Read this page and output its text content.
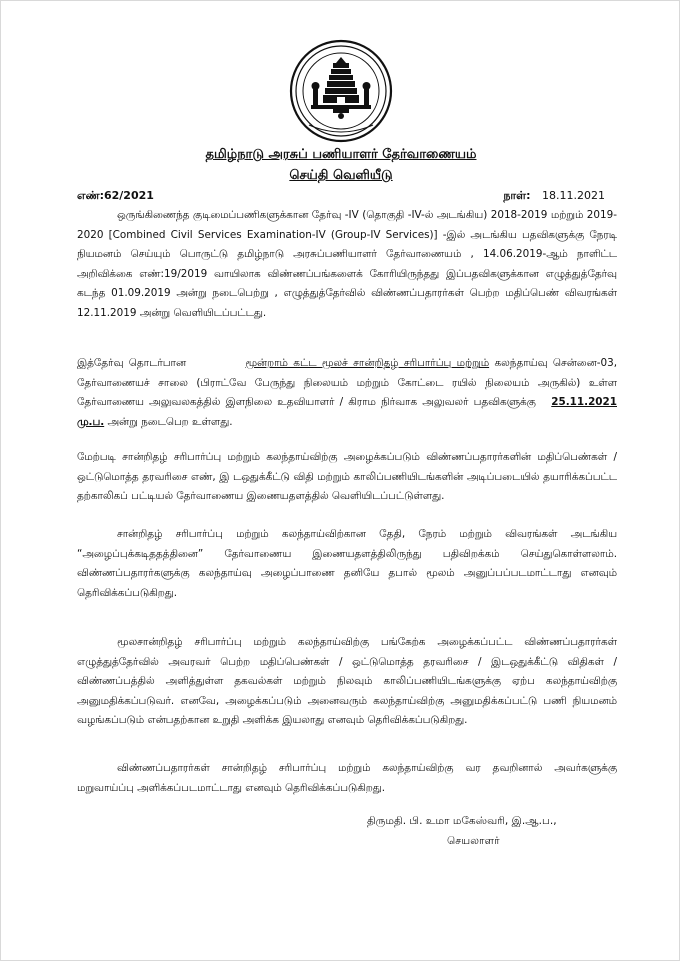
தமிழ்நாடு அரசுப் பணியாளர் தேர்வாணையம்
செய்தி வெளியீடு
எண்:62/2021	நாள்: 18.11.2021

ஒருங்கிணைந்த குடிமைப்பணிகளுக்கான தேர்வு -IV (தொகுதி -IV-ல் அடங்கிய) 2018-2019 மற்றும் 2019-2020 [Combined Civil Services Examination-IV (Group-IV Services)] -இல் அடங்கிய பதவிகளுக்கு நேரடி நியமனம் செய்யும் பொருட்டு தமிழ்நாடு அரசுப்பணியாளர் தேர்வாணையம் , 14.06.2019-ஆம் நாளிட்ட அறிவிக்கை எண்:19/2019 வாயிலாக விண்ணப்பங்களைக் கோரியிருந்தது இப்பதவிகளுக்கான எழுத்துத்தேர்வு கடந்த 01.09.2019 அன்று நடைபெற்று , எழுத்துத்தேர்வில் விண்ணப்பதாரர்கள் பெற்ற மதிப்பெண் விவரங்கள் 12.11.2019 அன்று வெளியிடப்பட்டது.

இத்தேர்வு தொடர்பான	மூன்றாம் கட்ட மூலச் சான்றிதழ் சரிபார்ப்பு மற்றும் கலந்தாய்வு சென்னை-03, தேர்வாணையச் சாலை (பிராட்வே பேருந்து நிலையம் மற்றும் கோட்டை ரயில் நிலையம் அருகில்) உள்ள தேர்வாணைய அலுவலகத்தில் இளநிலை உதவியாளர் / கிராம நிர்வாக அலுவலர் பதவிகளுக்கு 25.11.2021 மு.ப. அன்று நடைபெற உள்ளது.

மேற்படி சான்றிதழ் சரிபார்ப்பு மற்றும் கலந்தாய்விற்கு அழைக்கப்படும் விண்ணப்பதாரர்களின் மதிப்பெண்கள் / ஒட்டுமொத்த தரவரிசை எண், இ டஒதுக்கீட்டு விதி மற்றும் காலிப்பணியிடங்களின் அடிப்படையில் தயாரிக்கப்பட்ட தற்காலிகப் பட்டியல் தேர்வாணைய இணையதளத்தில் வெளியிடப்பட்டுள்ளது.

சான்றிதழ் சரிபார்ப்பு மற்றும் கலந்தாய்விற்கான தேதி, நேரம் மற்றும் விவரங்கள் அடங்கிய “அழைப்புக்கடிததத்தினை” தேர்வாணைய இணையதளத்திலிருந்து பதிவிறக்கம் செய்துகொள்ளலாம். விண்ணப்பதாரர்களுக்கு கலந்தாய்வு அழைப்பாணை தனியே தபால் மூலம் அனுப்பப்படமாட்டாது எனவும் தெரிவிக்கப்படுகிறது.

மூலசான்றிதழ் சரிபார்ப்பு மற்றும் கலந்தாய்விற்கு பங்கேற்க அழைக்கப்பட்ட விண்ணப்பதாரர்கள் எழுத்துத்தேர்வில் அவரவர் பெற்ற மதிப்பெண்கள் / ஒட்டுமொத்த தரவரிசை / இடஒதுக்கீட்டு விதிகள் / விண்ணப்பத்தில் அளித்துள்ள தகவல்கள் மற்றும் நிலவும் காலிப்பணியிடங்களுக்கு ஏற்ப கலந்தாய்விற்கு அனுமதிக்கப்படுவர். எனவே, அழைக்கப்படும் அனைவரும் கலந்தாய்விற்கு அனுமதிக்கப்பட்டு பணி நியமனம் வழங்கப்படும் என்பதற்கான உறுதி அளிக்க இயலாது எனவும் தெரிவிக்கப்படுகிறது.

விண்ணப்பதாரர்கள் சான்றிதழ் சரிபார்ப்பு மற்றும் கலந்தாய்விற்கு வர தவறினால் அவர்களுக்கு மறுவாய்ப்பு அளிக்கப்படமாட்டாது எனவும் தெரிவிக்கப்படுகிறது.

திருமதி. பி. உமா மகேஸ்வரி, இ.ஆ.ப.,
செயலாளர்
